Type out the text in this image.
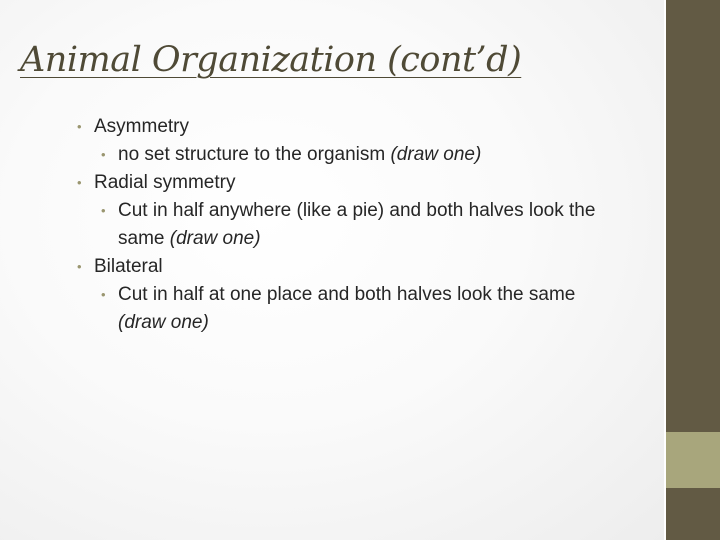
Animal Organization (cont’d)
• Asymmetry
• no set structure to the organism (draw one)
• Radial symmetry
• Cut in half anywhere (like a pie) and both halves look the same (draw one)
• Bilateral
• Cut in half at one place and both halves look the same (draw one)
